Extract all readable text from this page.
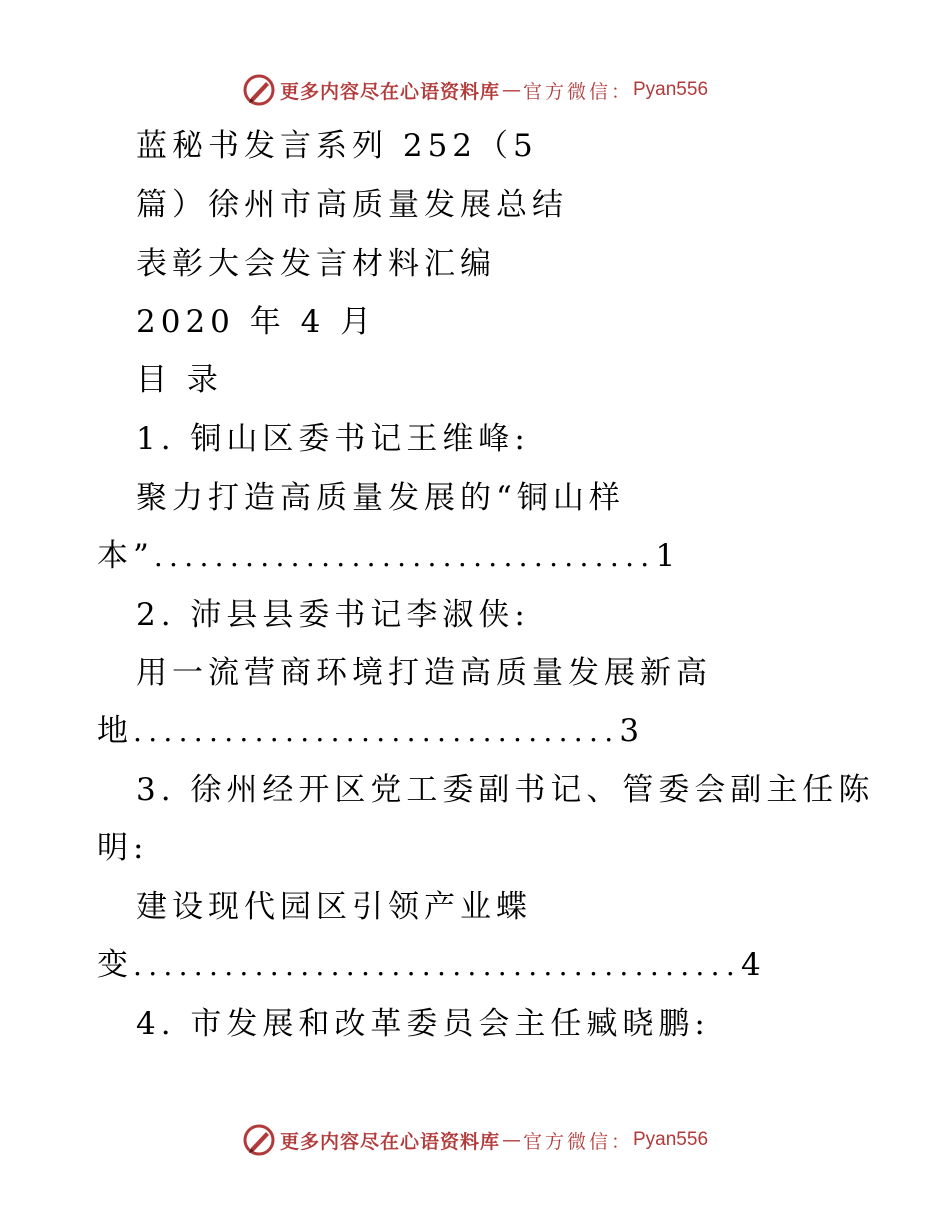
更多内容尽在心语资料库 — 官方微信： Pyan556
蓝秘书发言系列 252（5
篇）徐州市高质量发展总结
表彰大会发言材料汇编
2020 年 4 月
目 录
1. 铜山区委书记王维峰:
聚力打造高质量发展的“铜山样
本” ................................. 1
2. 沛县县委书记李淑侠:
用一流营商环境打造高质量发展新高
地 ................................ 3
3. 徐州经开区党工委副书记、管委会副主任陈
明:
建设现代园区引领产业蝶
变 ........................................ 4
4. 市发展和改革委员会主任臧晓鹏:
更多内容尽在心语资料库 — 官方微信： Pyan556
